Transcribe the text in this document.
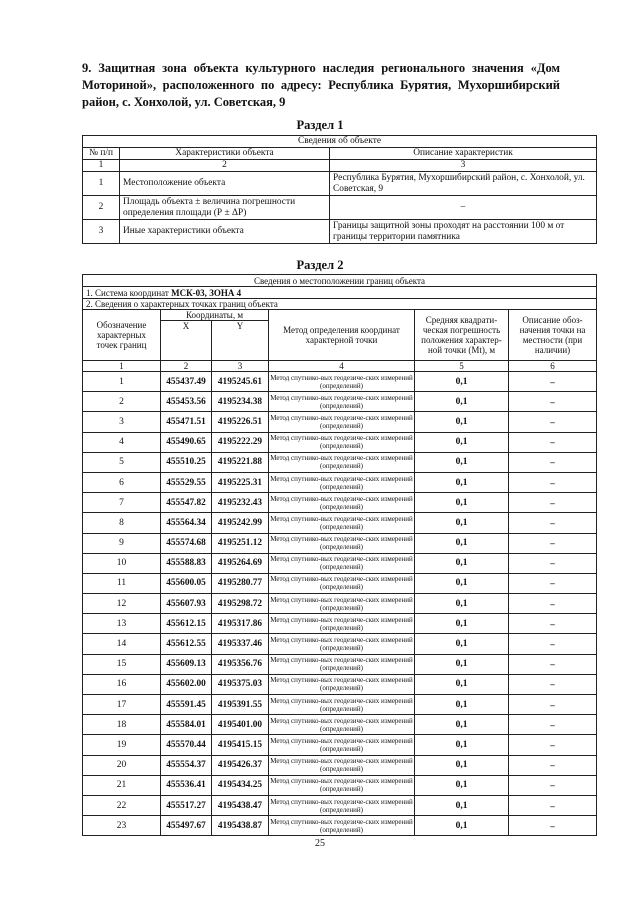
9. Защитная зона объекта культурного наследия регионального значения «Дом Моториной», расположенного по адресу: Республика Бурятия, Мухоршибирский район, с. Хонхолой, ул. Советская, 9
Раздел 1
Сведения об объекте		
№ п/п	Характеристики объекта	Описание характеристик
1	2	3
1	Местоположение объекта	Республика Бурятия, Мухоршибирский район, с. Хонхолой, ул. Советская, 9
2	Площадь объекта ± величина погрешности определения площади (Р ± ΔР)	–
3	Иные характеристики объекта	Границы защитной зоны проходят на расстоянии 100 м от границы территории памятника
Раздел 2
Сведения о местоположении границ объекта					
1. Система координат МСК-03, ЗОНА 4					
2. Сведения о характерных точках границ объекта					
Обозначение характерных точек границ	Координаты, м		Метод определения координат характерной точки	Средняя квадрати-ческая погрешность положения характер-ной точки (Mt), м	Описание обоз-начения точки на местности (при наличии)
	X	Y			
1	2	3	4	5	6
1	455437.49	4195245.61	Метод спутнико-вых геодезиче-ских измерений (определений)	0,1	–
2	455453.56	4195234.38	Метод спутнико-вых геодезиче-ских измерений (определений)	0,1	–
3	455471.51	4195226.51	Метод спутнико-вых геодезиче-ских измерений (определений)	0,1	–
4	455490.65	4195222.29	Метод спутнико-вых геодезиче-ских измерений (определений)	0,1	–
5	455510.25	4195221.88	Метод спутнико-вых геодезиче-ских измерений (определений)	0,1	–
6	455529.55	4195225.31	Метод спутнико-вых геодезиче-ских измерений (определений)	0,1	–
7	455547.82	4195232.43	Метод спутнико-вых геодезиче-ских измерений (определений)	0,1	–
8	455564.34	4195242.99	Метод спутнико-вых геодезиче-ских измерений (определений)	0,1	–
9	455574.68	4195251.12	Метод спутнико-вых геодезиче-ских измерений (определений)	0,1	–
10	455588.83	4195264.69	Метод спутнико-вых геодезиче-ских измерений (определений)	0,1	–
11	455600.05	4195280.77	Метод спутнико-вых геодезиче-ских измерений (определений)	0,1	–
12	455607.93	4195298.72	Метод спутнико-вых геодезиче-ских измерений (определений)	0,1	–
13	455612.15	4195317.86	Метод спутнико-вых геодезиче-ских измерений (определений)	0,1	–
14	455612.55	4195337.46	Метод спутнико-вых геодезиче-ских измерений (определений)	0,1	–
15	455609.13	4195356.76	Метод спутнико-вых геодезиче-ских измерений (определений)	0,1	–
16	455602.00	4195375.03	Метод спутнико-вых геодезиче-ских измерений (определений)	0,1	–
17	455591.45	4195391.55	Метод спутнико-вых геодезиче-ских измерений (определений)	0,1	–
18	455584.01	4195401.00	Метод спутнико-вых геодезиче-ских измерений (определений)	0,1	–
19	455570.44	4195415.15	Метод спутнико-вых геодезиче-ских измерений (определений)	0,1	–
20	455554.37	4195426.37	Метод спутнико-вых геодезиче-ских измерений (определений)	0,1	–
21	455536.41	4195434.25	Метод спутнико-вых геодезиче-ских измерений (определений)	0,1	–
22	455517.27	4195438.47	Метод спутнико-вых геодезиче-ских измерений (определений)	0,1	–
23	455497.67	4195438.87	Метод спутнико-вых геодезиче-ских измерений (определений)	0,1	–
25
